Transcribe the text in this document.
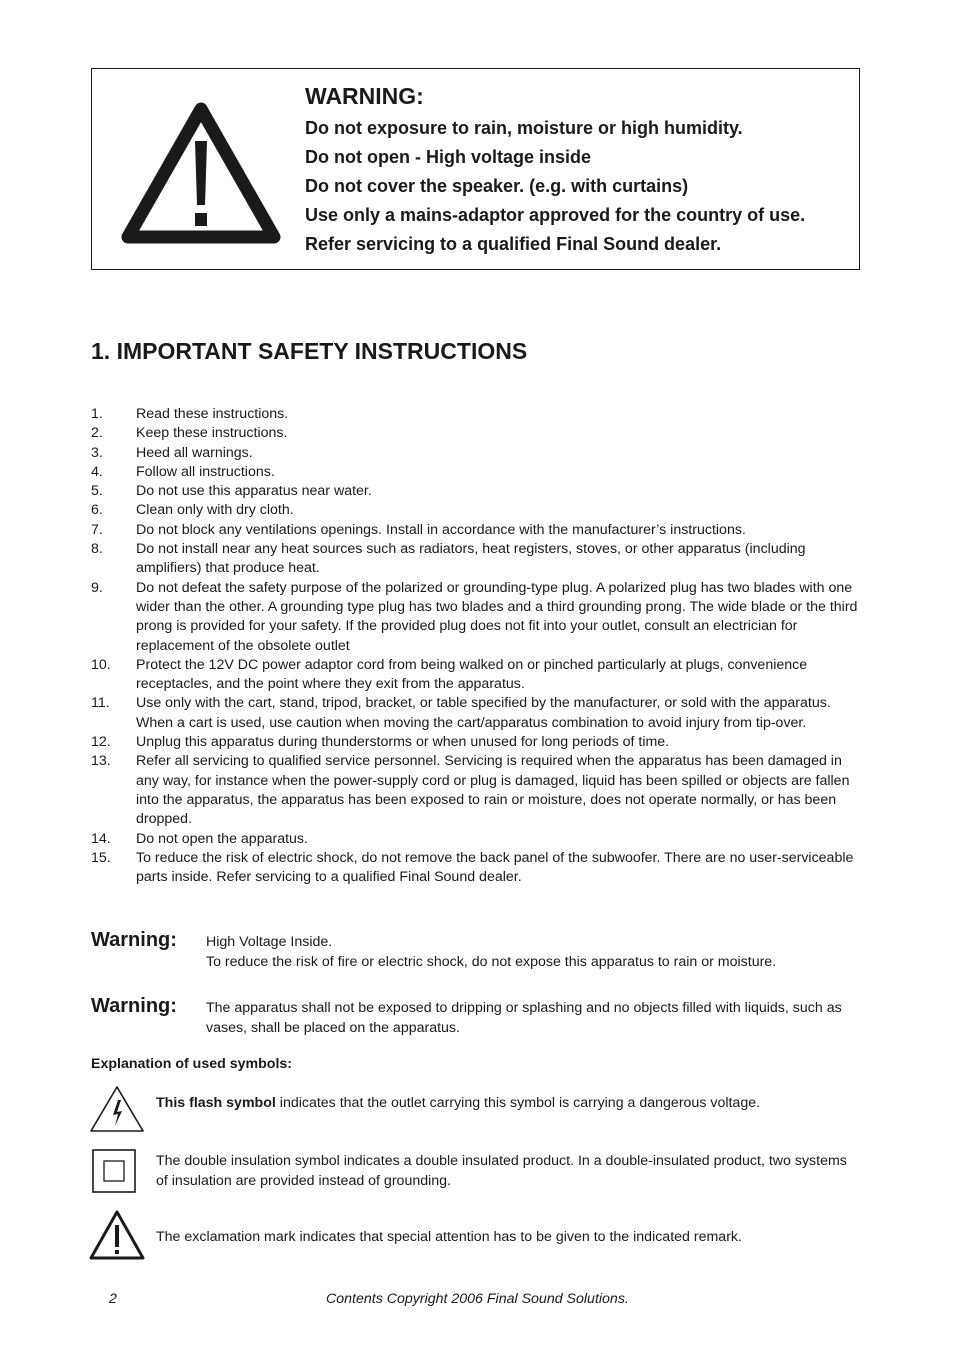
WARNING:
Do not exposure to rain, moisture or high humidity.
Do not open - High voltage inside
Do not cover the speaker. (e.g. with curtains)
Use only a mains-adaptor approved for the country of use.
Refer servicing to a qualified Final Sound dealer.
1. IMPORTANT SAFETY INSTRUCTIONS
1.	Read these instructions.
2.	Keep these instructions.
3.	Heed all warnings.
4.	Follow all instructions.
5.	Do not use this apparatus near water.
6.	Clean only with dry cloth.
7.	Do not block any ventilations openings. Install in accordance with the manufacturer’s instructions.
8.	Do not install near any heat sources such as radiators, heat registers, stoves, or other apparatus (including amplifiers) that produce heat.
9.	Do not defeat the safety purpose of the polarized or grounding-type plug. A polarized plug has two blades with one wider than the other. A grounding type plug has two blades and a third grounding prong. The wide blade or the third prong is provided for your safety. If the provided plug does not fit into your outlet, consult an electrician for replacement of the obsolete outlet
10.	Protect the 12V DC power adaptor cord from being walked on or pinched particularly at plugs, convenience receptacles, and the point where they exit from the apparatus.
11.	Use only with the cart, stand, tripod, bracket, or table specified by the manufacturer, or sold with the apparatus. When a cart is used, use caution when moving the cart/apparatus combination to avoid injury from tip-over.
12.	Unplug this apparatus during thunderstorms or when unused for long periods of time.
13.	Refer all servicing to qualified service personnel. Servicing is required when the apparatus has been damaged in any way, for instance when the power-supply cord or plug is damaged, liquid has been spilled or objects are fallen into the apparatus, the apparatus has been exposed to rain or moisture, does not operate normally, or has been dropped.
14.	Do not open the apparatus.
15.	To reduce the risk of electric shock, do not remove the back panel of the subwoofer. There are no user-serviceable parts inside. Refer servicing to a qualified Final Sound dealer.
Warning: High Voltage Inside.
To reduce the risk of fire or electric shock, do not expose this apparatus to rain or moisture.
Warning: The apparatus shall not be exposed to dripping or splashing and no objects filled with liquids, such as vases, shall be placed on the apparatus.
Explanation of used symbols:
This flash symbol indicates that the outlet carrying this symbol is carrying a dangerous voltage.
The double insulation symbol indicates a double insulated product. In a double-insulated product, two systems of insulation are provided instead of grounding.
The exclamation mark indicates that special attention has to be given to the indicated remark.
2	Contents Copyright 2006 Final Sound Solutions.
